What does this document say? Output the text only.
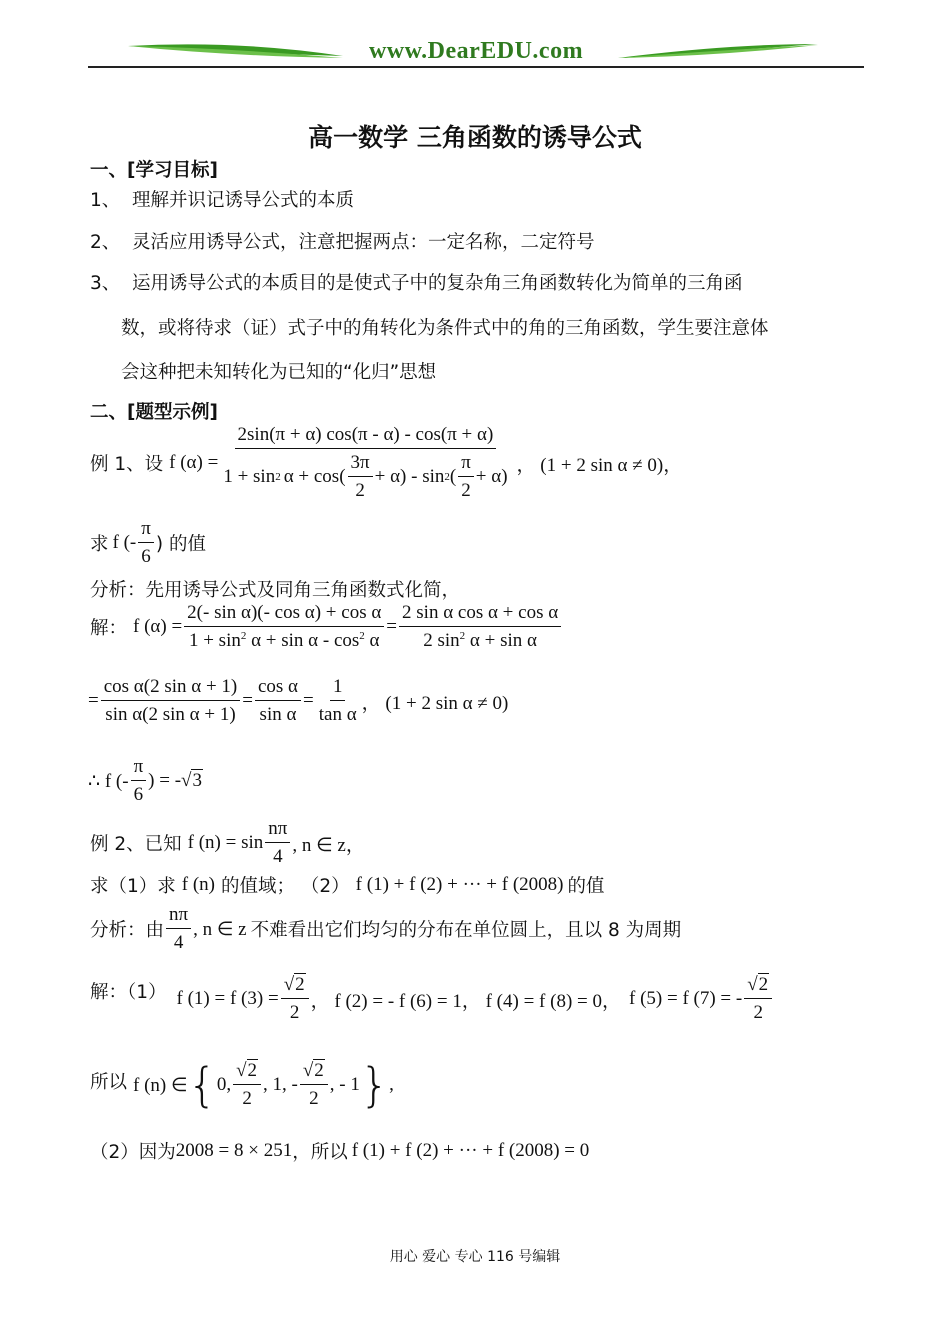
www.DearEDU.com
高一数学 三角函数的诱导公式
一、[学习目标]
1、 理解并识记诱导公式的本质
2、 灵活应用诱导公式，注意把握两点：一定名称，二定符号
3、 运用诱导公式的本质目的是使式子中的复杂角三角函数转化为简单的三角函
数，或将待求（证）式子中的角转化为条件式中的角的三角函数，学生要注意体
会这种把未知转化为已知的“化归”思想
二、[题型示例]
例 1、设 f (α) =
2sin(π + α) cos(π - α) - cos(π + α)
1 + sin 2 $\alpha + \cos( \frac{3\pi}{2} + \alpha) - \sin 2$ ( $\frac{\pi}{2} + \alpha$)
， (1 + 2 sin α ≠ 0)，
求 f (- $\frac{\pi}{6}$ ) 的值
分析：先用诱导公式及同角三角函数式化简，
解： f $(\alpha) = \frac{\text{2(- sin α)(- cos α) + cos α}}{1 + \sin^2 \alpha + \sin \alpha - \cos^2 \alpha} = \frac{\text{2 sin α cos α + cos α}}{2 \sin^2 \alpha + \sin \alpha}$
= $\frac{\text{cos α(2 sin α + 1)}}{\text{sin α(2 sin α + 1)}} = \frac{\text{cos α}}{\text{sin α}} = \frac{1}{\text{tan α}}$ ， (1 + 2 sin α ≠ 0)
∴ f (- $\frac{\pi}{6}$ ) = - √3
例 2、已知 f $(n) = \sin \frac{n\pi}{4}$ , n ∈ z，
求（1）求 f (n) 的值域； （2） f (1) + f (2) + ··· + f (2008) 的值
分析：由 $\frac{n\pi}{4}$ , n ∈ z 不难看出它们均匀的分布在单位圆上，且以 8 为周期
解：（1） f (1) = f $(3) = \frac{√2}{2}$ ， f (2) = - f (6) = 1， f (4) = f (8) = 0， f (5) = f (7) = - $\frac{√2}{2}$
所以 f (n) ∈ { 0, $\frac{√2}{2}$ , 1, - $\frac{√2}{2}$ , - 1 } ,
（2）因为 2008 = 8 × 251 ，所以 f (1) + f (2) + ··· + f (2008) = 0
用心 爱心 专心 116 号编辑
